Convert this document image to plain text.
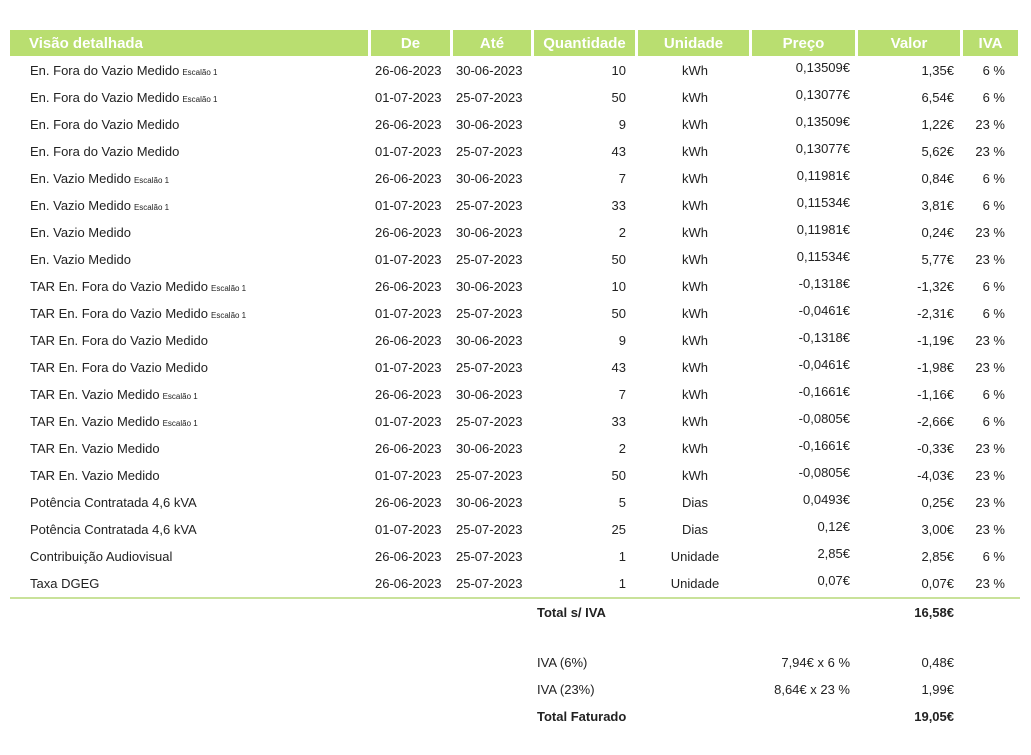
Visão detalhada	De	Até	Quantidade	Unidade	Preço	Valor	IVA
En. Fora do Vazio Medido Escalão 1	26-06-2023 30-06-2023	10	kWh	0,13509€	1,35€	6 %
En. Fora do Vazio Medido Escalão 1	01-07-2023 25-07-2023	50	kWh	0,13077€	6,54€	6 %
En. Fora do Vazio Medido	26-06-2023 30-06-2023	9	kWh	0,13509€	1,22€	23 %
En. Fora do Vazio Medido	01-07-2023 25-07-2023	43	kWh	0,13077€	5,62€	23 %
En. Vazio Medido Escalão 1	26-06-2023 30-06-2023	7	kWh	0,11981€	0,84€	6 %
En. Vazio Medido Escalão 1	01-07-2023 25-07-2023	33	kWh	0,11534€	3,81€	6 %
En. Vazio Medido	26-06-2023 30-06-2023	2	kWh	0,11981€	0,24€	23 %
En. Vazio Medido	01-07-2023 25-07-2023	50	kWh	0,11534€	5,77€	23 %
TAR En. Fora do Vazio Medido Escalão 1	26-06-2023 30-06-2023	10	kWh	-0,1318€	-1,32€	6 %
TAR En. Fora do Vazio Medido Escalão 1	01-07-2023 25-07-2023	50	kWh	-0,0461€	-2,31€	6 %
TAR En. Fora do Vazio Medido	26-06-2023 30-06-2023	9	kWh	-0,1318€	-1,19€	23 %
TAR En. Fora do Vazio Medido	01-07-2023 25-07-2023	43	kWh	-0,0461€	-1,98€	23 %
TAR En. Vazio Medido Escalão 1	26-06-2023 30-06-2023	7	kWh	-0,1661€	-1,16€	6 %
TAR En. Vazio Medido Escalão 1	01-07-2023 25-07-2023	33	kWh	-0,0805€	-2,66€	6 %
TAR En. Vazio Medido	26-06-2023 30-06-2023	2	kWh	-0,1661€	-0,33€	23 %
TAR En. Vazio Medido	01-07-2023 25-07-2023	50	kWh	-0,0805€	-4,03€	23 %
Potência Contratada 4,6 kVA	26-06-2023 30-06-2023	5	Dias	0,0493€	0,25€	23 %
Potência Contratada 4,6 kVA	01-07-2023 25-07-2023	25	Dias	0,12€	3,00€	23 %
Contribuição Audiovisual	26-06-2023 25-07-2023	1	Unidade	2,85€	2,85€	6 %
Taxa DGEG	26-06-2023 25-07-2023	1	Unidade	0,07€	0,07€	23 %
Total s/ IVA	16,58€
IVA (6%)	7,94€ x 6 %	0,48€
IVA (23%)	8,64€ x 23 %	1,99€
Total Faturado	19,05€
